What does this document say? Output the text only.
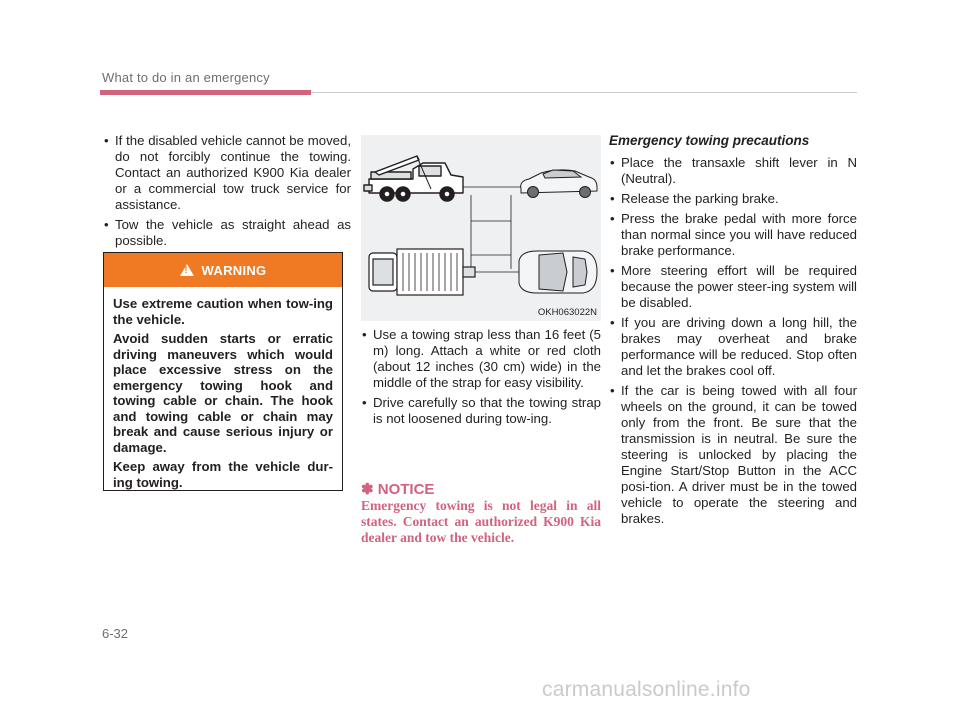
What to do in an emergency
• If the disabled vehicle cannot be moved, do not forcibly continue the towing. Contact an authorized K900 Kia dealer or a commercial tow truck service for assistance.
• Tow the vehicle as straight ahead as possible.
!
WARNING

Use extreme caution when tow-ing the vehicle.

Avoid sudden starts or erratic driving maneuvers which would place excessive stress on the emergency towing hook and towing cable or chain. The hook and towing cable or chain may break and cause serious injury or damage.

Keep away from the vehicle dur-ing towing.

OKH063022N
• Use a towing strap less than 16 feet (5 m) long. Attach a white or red cloth (about 12 inches (30 cm) wide) in the middle of the strap for easy visibility.
• Drive carefully so that the towing strap is not loosened during tow-ing.
✽ NOTICE
Emergency towing is not legal in all states. Contact an authorized K900 Kia dealer and tow the vehicle.
Emergency towing precautions
• Place the transaxle shift lever in N (Neutral).
• Release the parking brake.
• Press the brake pedal with more force than normal since you will have reduced brake performance.
• More steering effort will be required because the power steer-ing system will be disabled.
• If you are driving down a long hill, the brakes may overheat and brake performance will be reduced. Stop often and let the brakes cool off.
• If the car is being towed with all four wheels on the ground, it can be towed only from the front. Be sure that the transmission is in neutral. Be sure the steering is unlocked by placing the Engine Start/Stop Button in the ACC posi-tion. A driver must be in the towed vehicle to operate the steering and brakes.
6-32
carmanualsonline.info
